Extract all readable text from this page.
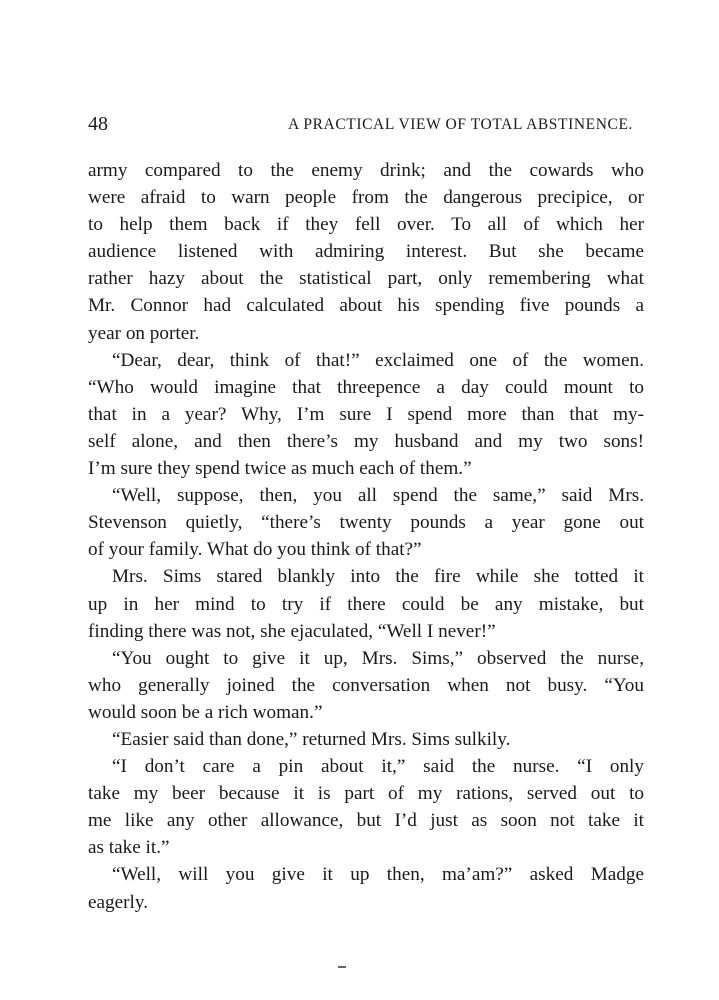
48	A PRACTICAL VIEW OF TOTAL ABSTINENCE.
army compared to the enemy drink; and the cowards who
were afraid to warn people from the dangerous precipice, or
to help them back if they fell over. To all of which her
audience listened with admiring interest. But she became
rather hazy about the statistical part, only remembering what
Mr. Connor had calculated about his spending five pounds a
year on porter.
“Dear, dear, think of that!” exclaimed one of the women.
“Who would imagine that threepence a day could mount to
that in a year? Why, I’m sure I spend more than that my-
self alone, and then there’s my husband and my two sons!
I’m sure they spend twice as much each of them.”
“Well, suppose, then, you all spend the same,” said Mrs.
Stevenson quietly, “there’s twenty pounds a year gone out
of your family. What do you think of that?”
Mrs. Sims stared blankly into the fire while she totted it
up in her mind to try if there could be any mistake, but
finding there was not, she ejaculated, “Well I never!”
“You ought to give it up, Mrs. Sims,” observed the nurse,
who generally joined the conversation when not busy. “You
would soon be a rich woman.”
“Easier said than done,” returned Mrs. Sims sulkily.
“I don’t care a pin about it,” said the nurse. “I only
take my beer because it is part of my rations, served out to
me like any other allowance, but I’d just as soon not take it
as take it.”
“Well, will you give it up then, ma’am?” asked Madge
eagerly.
